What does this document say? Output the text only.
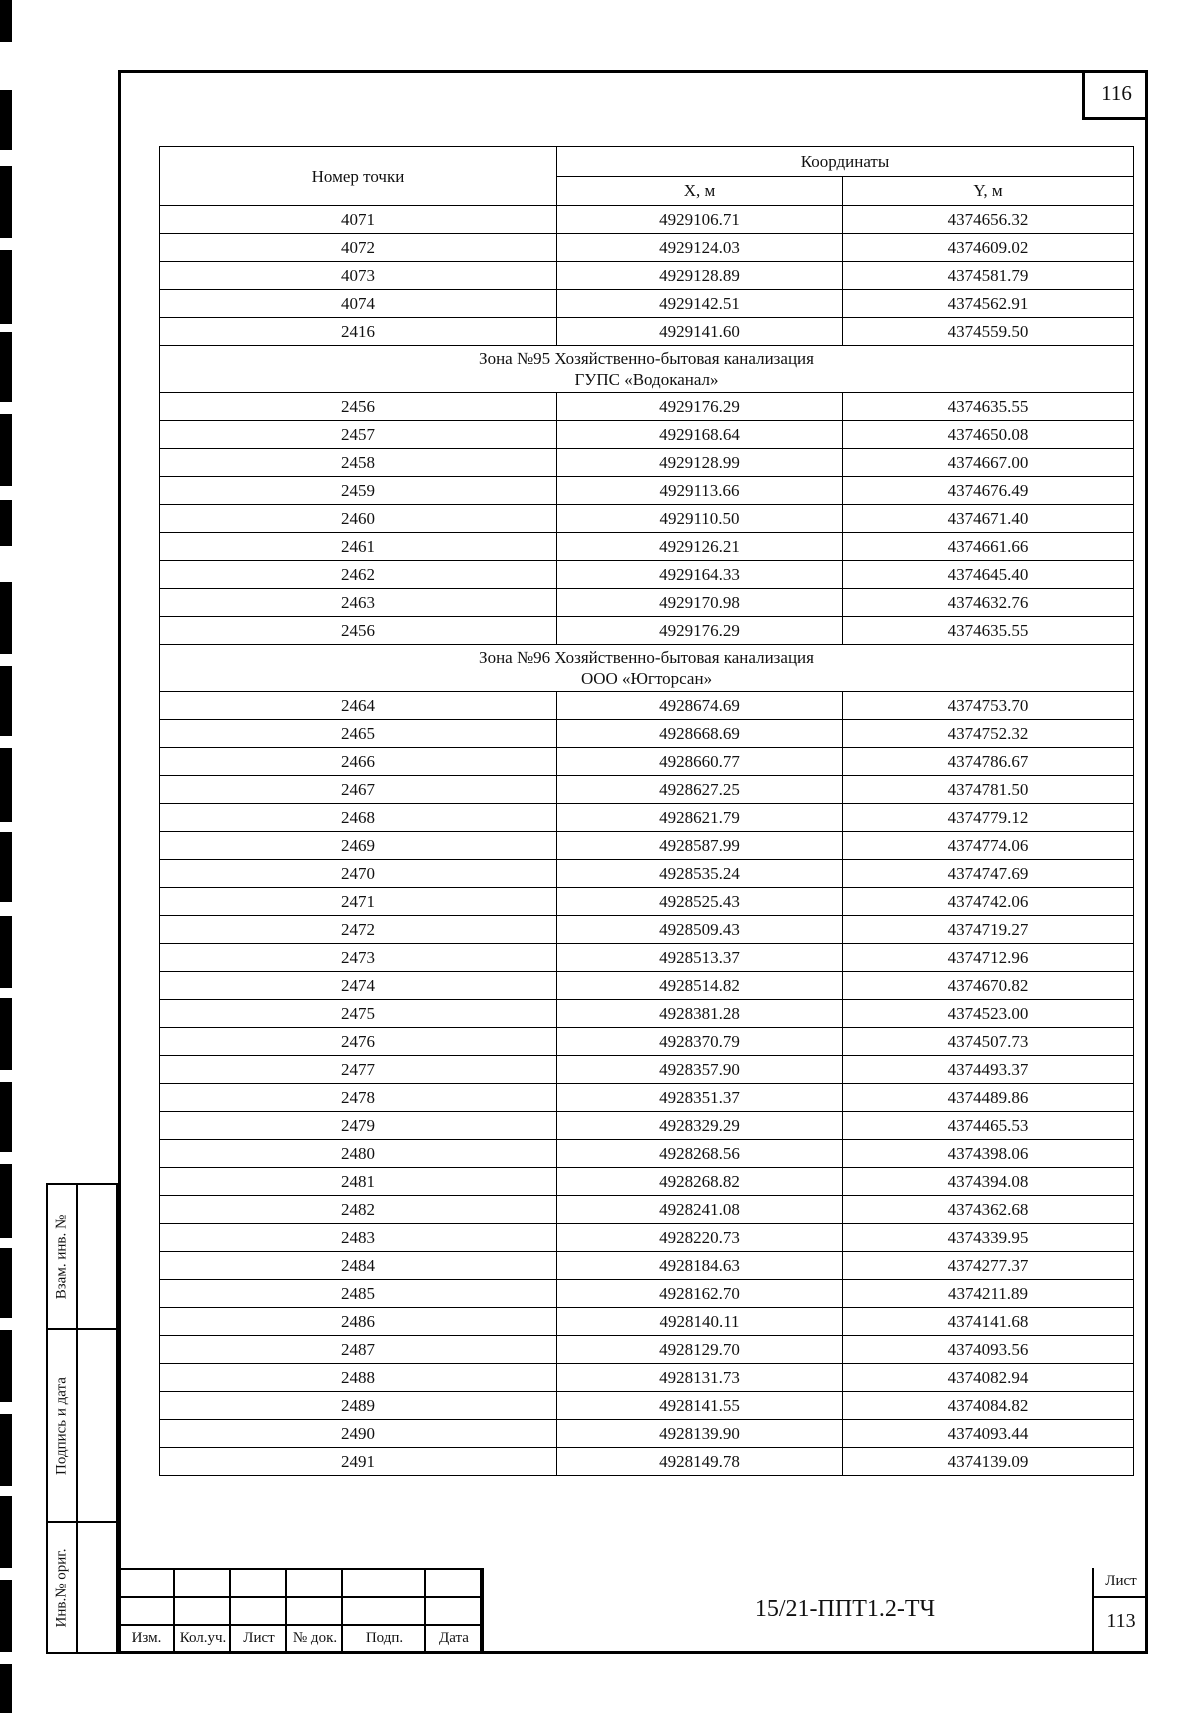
116
Взам. инв. №
Подпись и дата
Инв.№ ориг.
Номер точки	Координаты	
	X, м	Y, м
4071	4929106.71	4374656.32
4072	4929124.03	4374609.02
4073	4929128.89	4374581.79
4074	4929142.51	4374562.91
2416	4929141.60	4374559.50

Зона №95 Хозяйственно-бытовая канализация
ГУПС «Водоканал»		

2456	4929176.29	4374635.55
2457	4929168.64	4374650.08
2458	4929128.99	4374667.00
2459	4929113.66	4374676.49
2460	4929110.50	4374671.40
2461	4929126.21	4374661.66
2462	4929164.33	4374645.40
2463	4929170.98	4374632.76
2456	4929176.29	4374635.55

Зона №96 Хозяйственно-бытовая канализация
ООО «Югторсан»		

2464	4928674.69	4374753.70
2465	4928668.69	4374752.32
2466	4928660.77	4374786.67
2467	4928627.25	4374781.50
2468	4928621.79	4374779.12
2469	4928587.99	4374774.06
2470	4928535.24	4374747.69
2471	4928525.43	4374742.06
2472	4928509.43	4374719.27
2473	4928513.37	4374712.96
2474	4928514.82	4374670.82
2475	4928381.28	4374523.00
2476	4928370.79	4374507.73
2477	4928357.90	4374493.37
2478	4928351.37	4374489.86
2479	4928329.29	4374465.53
2480	4928268.56	4374398.06
2481	4928268.82	4374394.08
2482	4928241.08	4374362.68
2483	4928220.73	4374339.95
2484	4928184.63	4374277.37
2485	4928162.70	4374211.89
2486	4928140.11	4374141.68
2487	4928129.70	4374093.56
2488	4928131.73	4374082.94
2489	4928141.55	4374084.82
2490	4928139.90	4374093.44
2491	4928149.78	4374139.09
Изм.	Кол.уч.	Лист	№ док.	Подп.	Дата
Лист
113
15/21-ППТ1.2-ТЧ
